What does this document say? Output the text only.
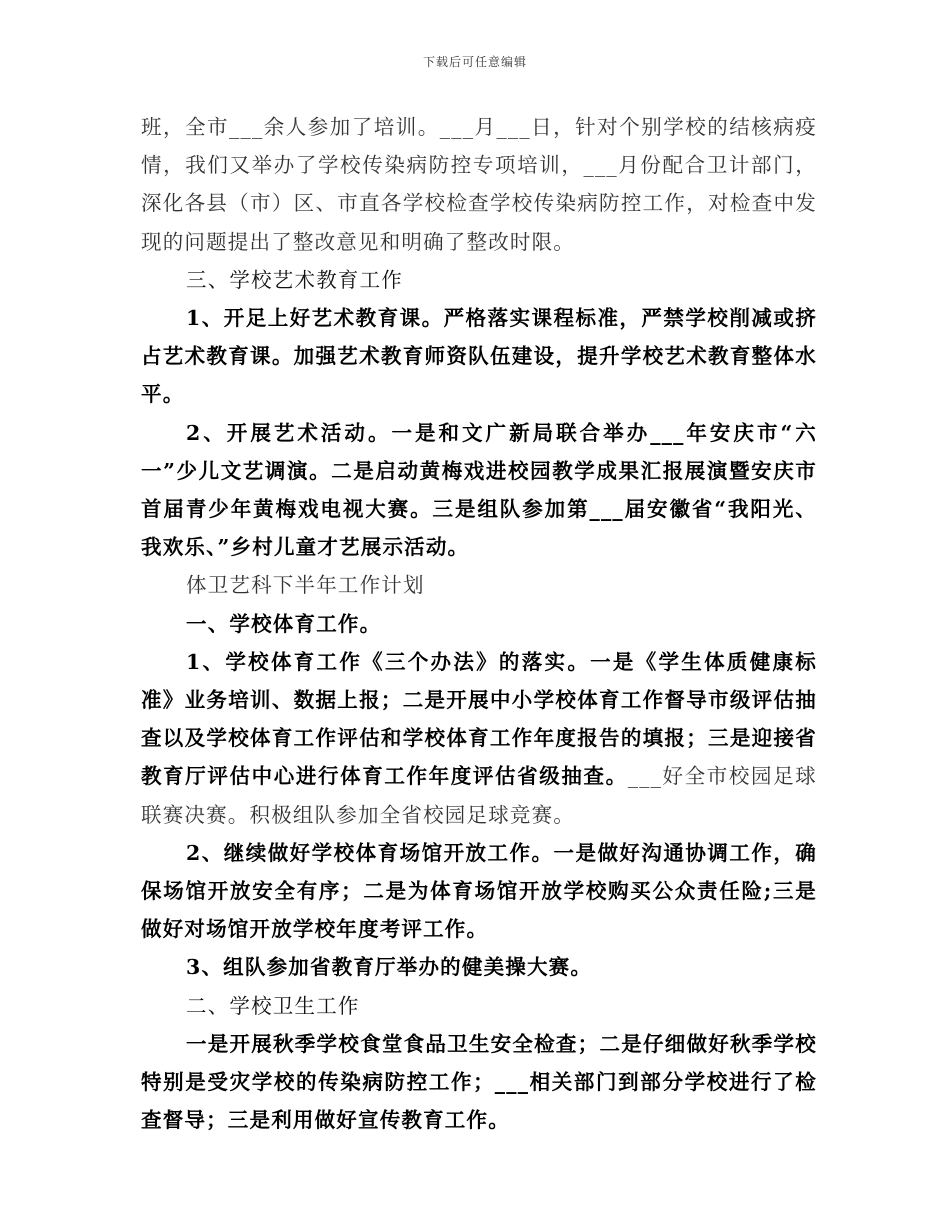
下载后可任意编辑

班，全市___余人参加了培训。___月___日，针对个别学校的结核病疫情，我们又举办了学校传染病防控专项培训，___月份配合卫计部门，深化各县（市）区、市直各学校检查学校传染病防控工作，对检查中发现的问题提出了整改意见和明确了整改时限。

三、学校艺术教育工作

1、开足上好艺术教育课。严格落实课程标准，严禁学校削减或挤占艺术教育课。加强艺术教育师资队伍建设，提升学校艺术教育整体水平。

2、开展艺术活动。一是和文广新局联合举办___年安庆市“六一”少儿文艺调演。二是启动黄梅戏进校园教学成果汇报展演暨安庆市首届青少年黄梅戏电视大赛。三是组队参加第___届安徽省“我阳光、我欢乐、”乡村儿童才艺展示活动。

体卫艺科下半年工作计划

一、学校体育工作。

1、学校体育工作《三个办法》的落实。一是《学生体质健康标准》业务培训、数据上报；二是开展中小学校体育工作督导市级评估抽查以及学校体育工作评估和学校体育工作年度报告的填报；三是迎接省教育厅评估中心进行体育工作年度评估省级抽查。___好全市校园足球联赛决赛。积极组队参加全省校园足球竞赛。

2、继续做好学校体育场馆开放工作。一是做好沟通协调工作，确保场馆开放安全有序；二是为体育场馆开放学校购买公众责任险;三是做好对场馆开放学校年度考评工作。

3、组队参加省教育厅举办的健美操大赛。

二、学校卫生工作

一是开展秋季学校食堂食品卫生安全检查；二是仔细做好秋季学校特别是受灾学校的传染病防控工作；___相关部门到部分学校进行了检查督导；三是利用做好宣传教育工作。
